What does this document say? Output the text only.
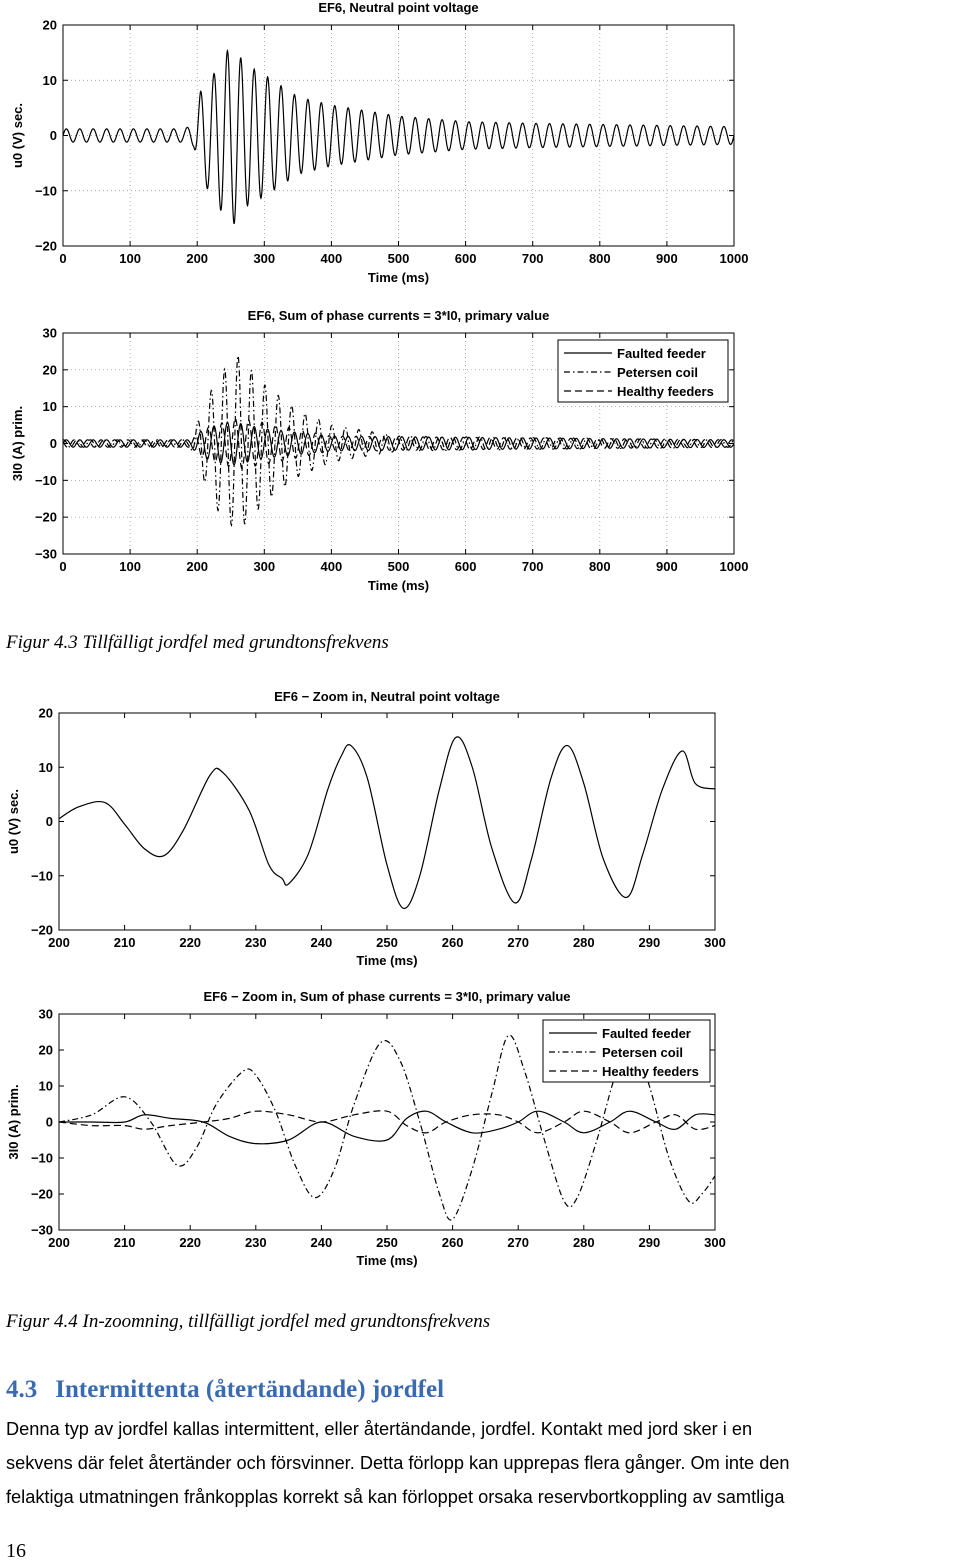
EF6, Neutral point voltage
0	100	200	300	400	500	600	700	800	900	1000
−20
−10
0
10
20
Time (ms)
u0 (V) sec.
EF6, Sum of phase currents = 3*I0, primary value
0	100	200	300	400	500	600	700	800	900	1000
−30
−20
−10
0
10
20
30
Time (ms)
3I0 (A) prim.
Faulted feeder
Petersen coil
Healthy feeders

Figur 4.3 Tillfälligt jordfel med grundtonsfrekvens

EF6 − Zoom in, Neutral point voltage
200	210	220	230	240	250	260	270	280	290	300
−20
−10
0
10
20
Time (ms)
u0 (V) sec.
EF6 − Zoom in, Sum of phase currents = 3*I0, primary value
200	210	220	230	240	250	260	270	280	290	300
−30
−20
−10
0
10
20
30
Time (ms)
3I0 (A) prim.
Faulted feeder
Petersen coil
Healthy feeders

Figur 4.4 In-zoomning, tillfälligt jordfel med grundtonsfrekvens

4.3 Intermittenta (återtändande) jordfel
Denna typ av jordfel kallas intermittent, eller återtändande, jordfel. Kontakt med jord sker i en
sekvens där felet återtänder och försvinner. Detta förlopp kan upprepas flera gånger. Om inte den
felaktiga utmatningen frånkopplas korrekt så kan förloppet orsaka reservbortkoppling av samtliga
16
